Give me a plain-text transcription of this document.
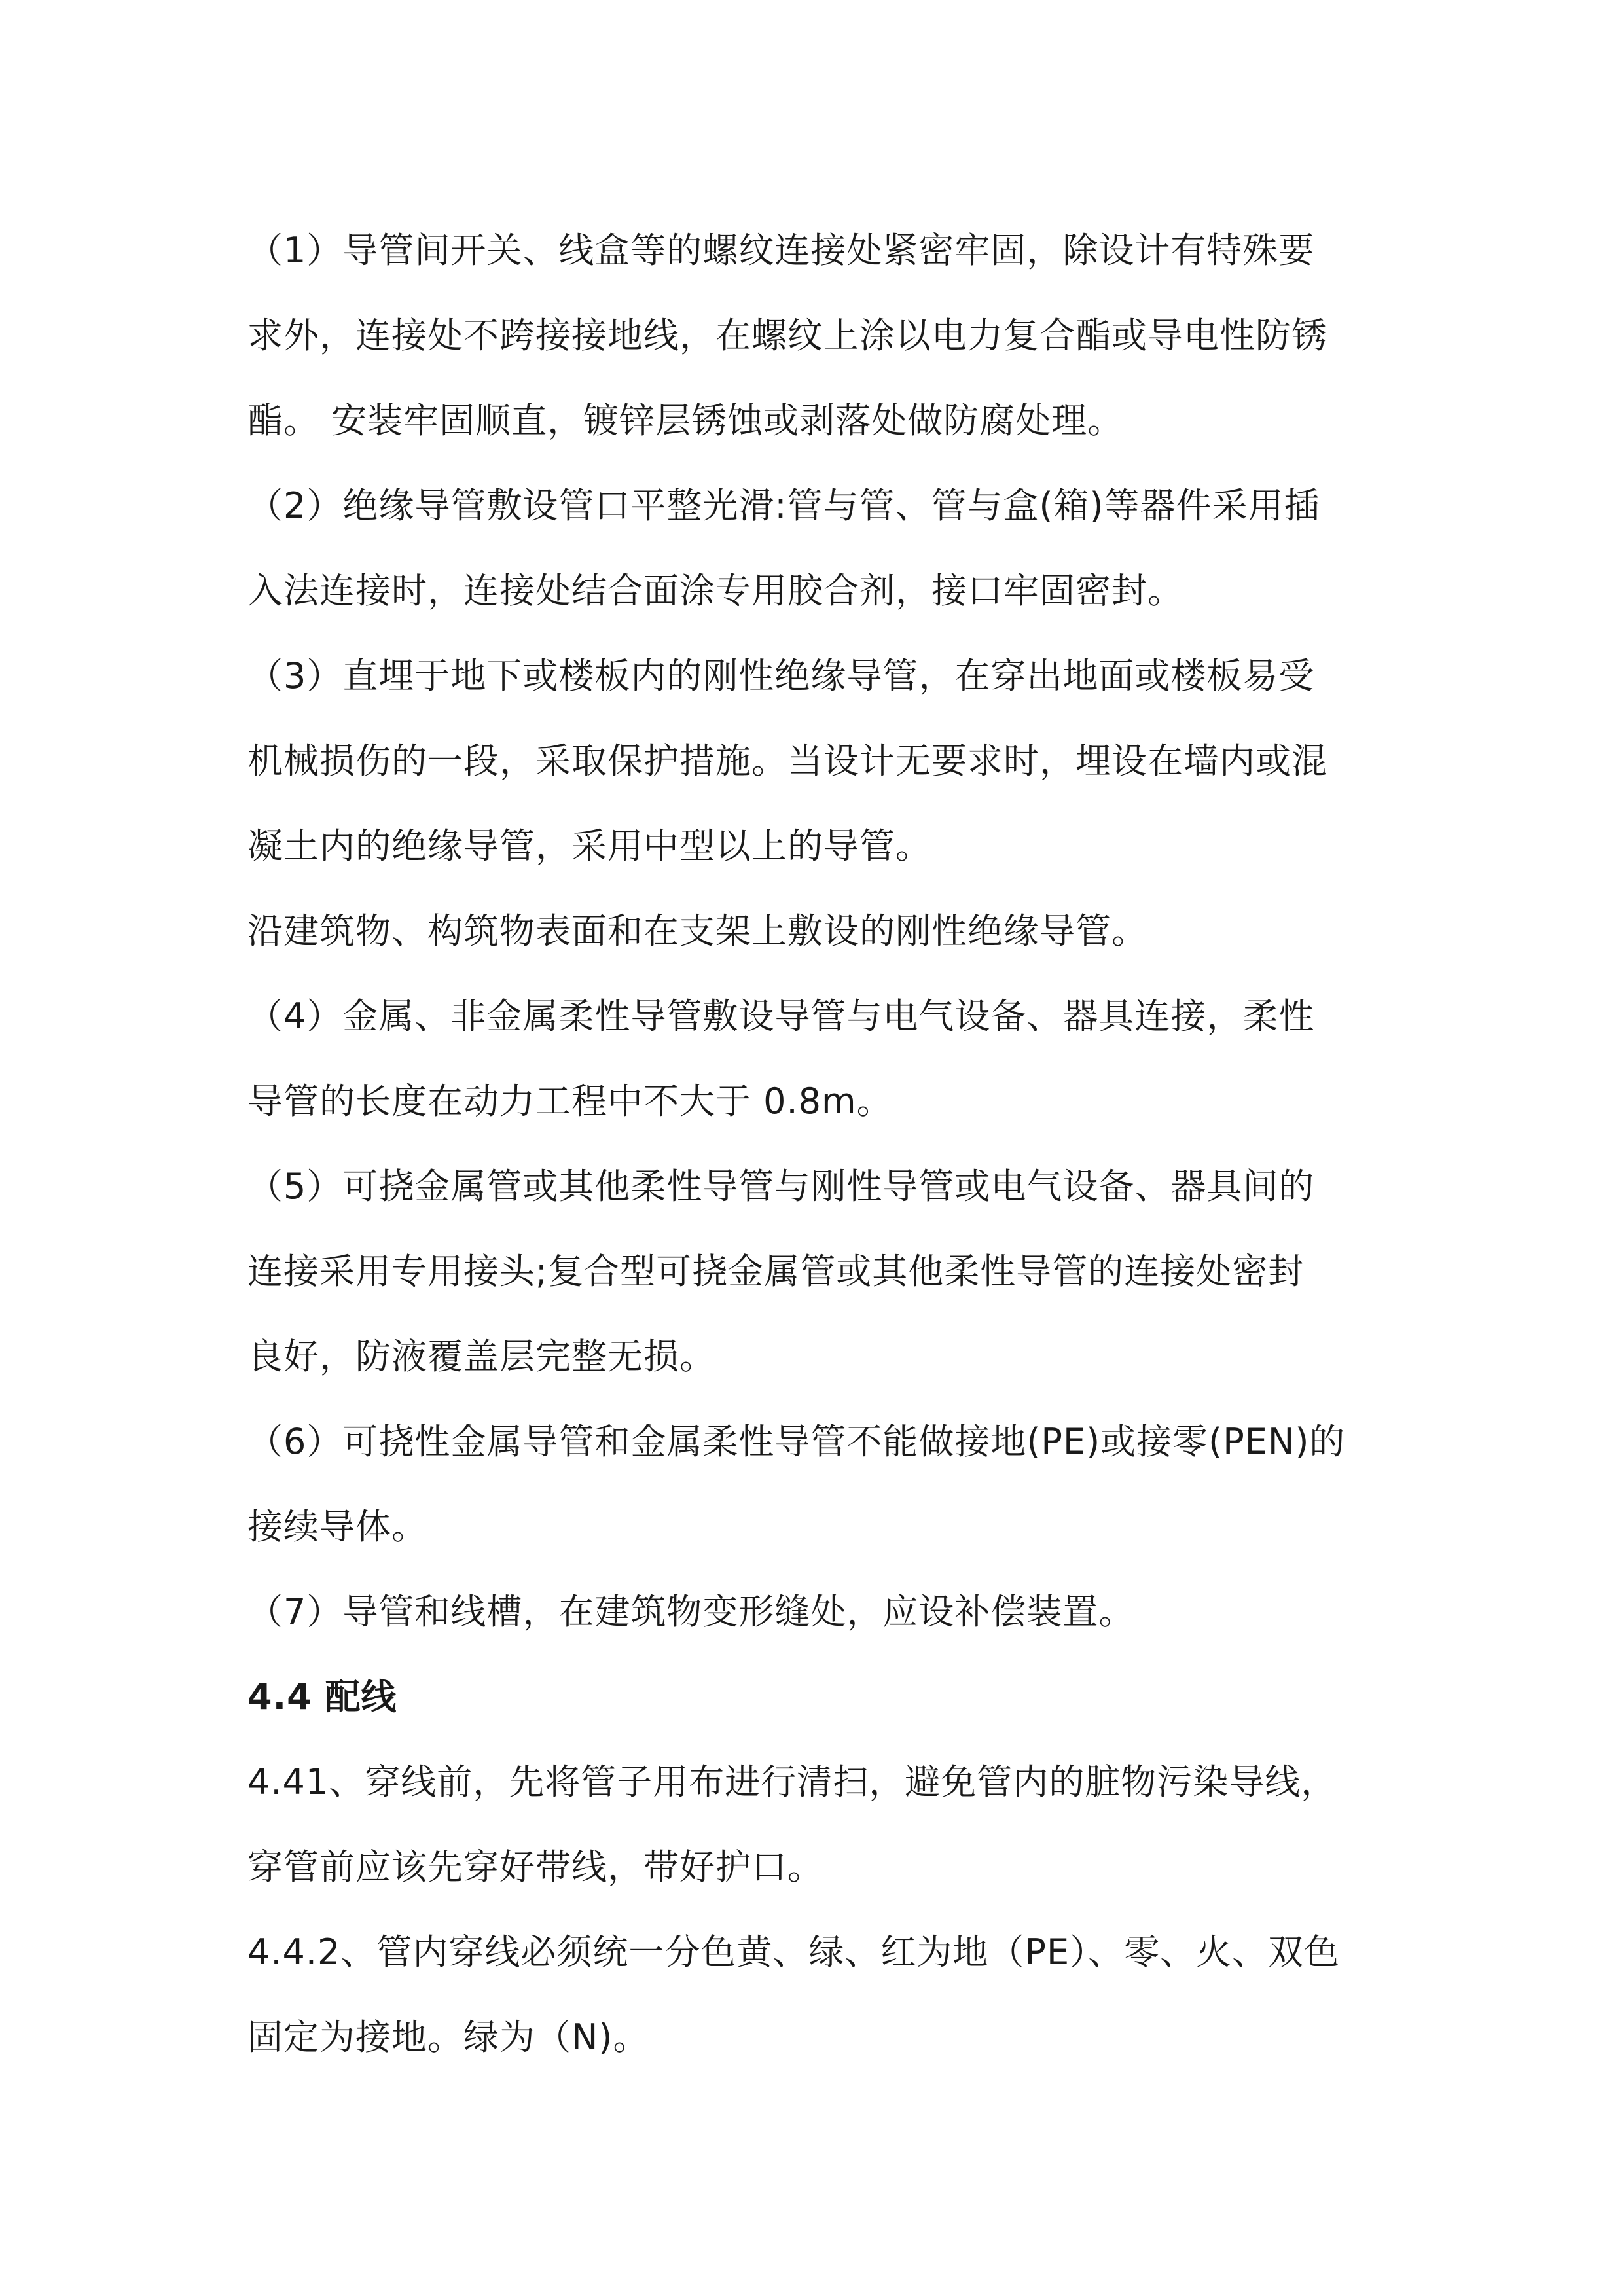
（1）导管间开关、线盒等的螺纹连接处紧密牢固，除设计有特殊要
求外，连接处不跨接接地线，在螺纹上涂以电力复合酯或导电性防锈
酯。 安装牢固顺直，镀锌层锈蚀或剥落处做防腐处理。
（2）绝缘导管敷设管口平整光滑:管与管、管与盒(箱)等器件采用插
入法连接时，连接处结合面涂专用胶合剂，接口牢固密封。
（3）直埋于地下或楼板内的刚性绝缘导管，在穿出地面或楼板易受
机械损伤的一段，采取保护措施。当设计无要求时，埋设在墙内或混
凝土内的绝缘导管，采用中型以上的导管。
沿建筑物、构筑物表面和在支架上敷设的刚性绝缘导管。
（4）金属、非金属柔性导管敷设导管与电气设备、器具连接，柔性
导管的长度在动力工程中不大于 0.8m。
（5）可挠金属管或其他柔性导管与刚性导管或电气设备、器具间的
连接采用专用接头;复合型可挠金属管或其他柔性导管的连接处密封
良好，防液覆盖层完整无损。
（6）可挠性金属导管和金属柔性导管不能做接地(PE)或接零(PEN)的
接续导体。
（7）导管和线槽，在建筑物变形缝处，应设补偿装置。
4.4 配线
4.41、穿线前，先将管子用布进行清扫，避免管内的脏物污染导线，
穿管前应该先穿好带线，带好护口。
4.4.2、管内穿线必须统一分色黄、绿、红为地（PE）、零、火、双色
固定为接地。绿为（N)。
